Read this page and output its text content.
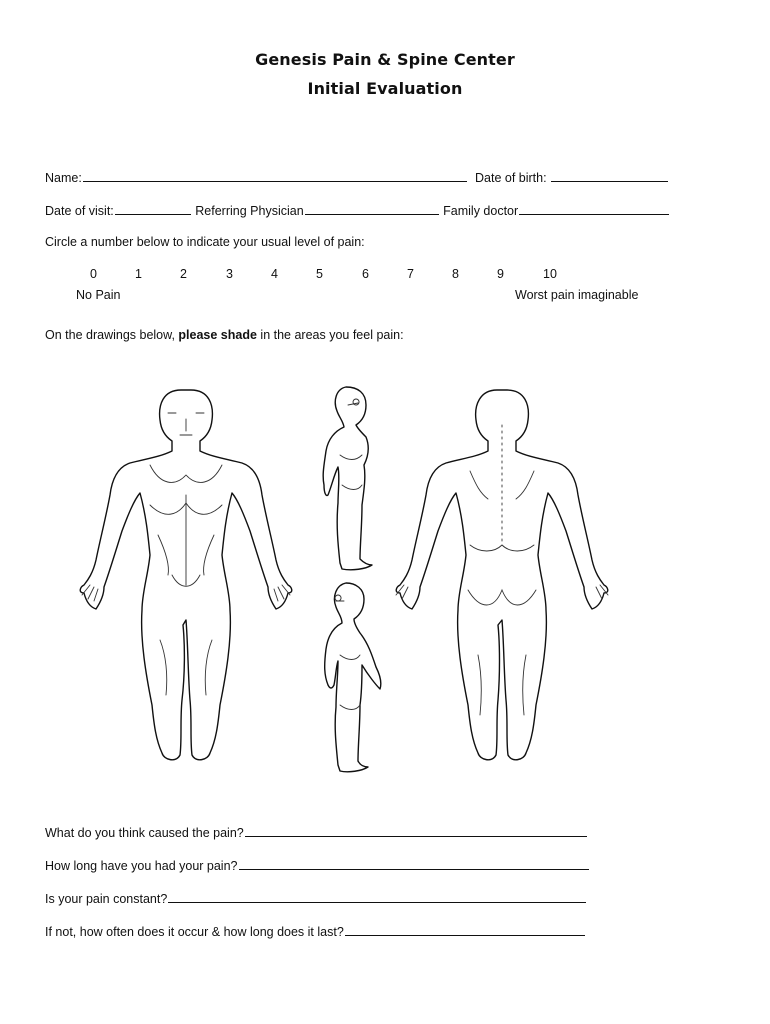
Genesis Pain & Spine Center
Initial Evaluation
Name:	Date of birth:
Date of visit:	Referring Physician	Family doctor
Circle a number below to indicate your usual level of pain:
0	1	2	3	4	5	6	7	8	9	10
No Pain	Worst pain imaginable
On the drawings below, please shade in the areas you feel pain:
What do you think caused the pain?
How long have you had your pain?
Is your pain constant?
If not, how often does it occur & how long does it last?
